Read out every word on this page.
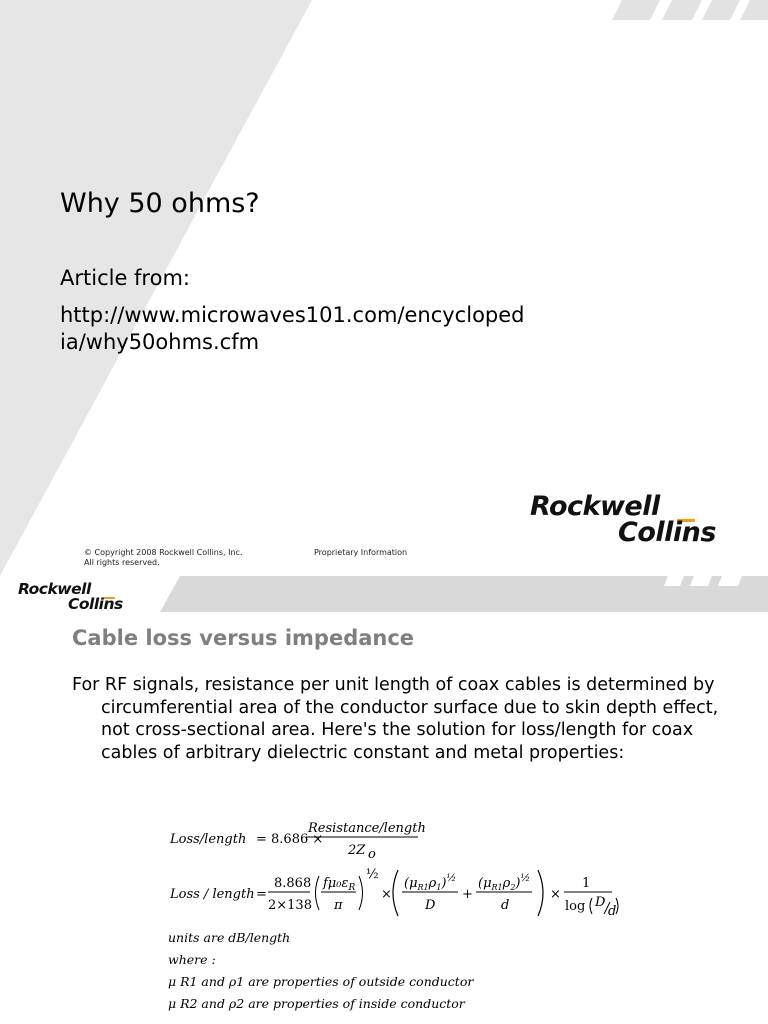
Why 50 ohms?
Article from:
http://www.microwaves101.com/encycloped
ia/why50ohms.cfm
Rockwell
Collins
© Copyright 2008 Rockwell Collins, Inc.
All rights reserved.
Proprietary Information
Rockwell
Collins
Cable loss versus impedance
For RF signals, resistance per unit length of coax cables is determined by circumferential area of the conductor surface due to skin depth effect, not cross-sectional area. Here's the solution for loss/length for coax cables of arbitrary dielectric constant and metal properties:
Loss/length = 8.686 ×
Resistance/length
2Z o
Loss / length =
8.868
2×138
$f\mu_0\varepsilon_R$
π
½
×
$(\mu_{R1}\rho_1)^{\frac{1}{2}}$
D
+
$(\mu_{R1}\rho_2)^{\frac{1}{2}}$
d
×
1
log D
d
units are dB/length
where :
μ R1 and ρ1 are properties of outside conductor
μ R2 and ρ2 are properties of inside conductor
